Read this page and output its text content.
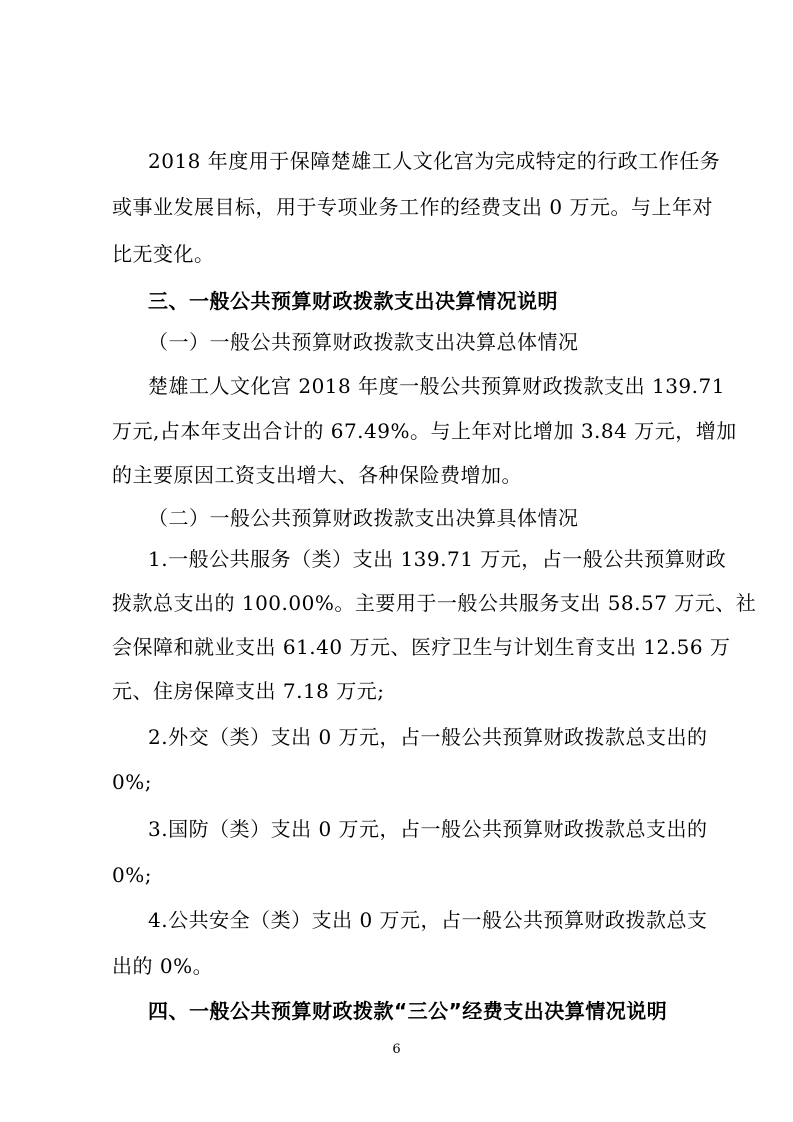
2018 年度用于保障楚雄工人文化宫为完成特定的行政工作任务
或事业发展目标，用于专项业务工作的经费支出 0 万元。与上年对
比无变化。
三、一般公共预算财政拨款支出决算情况说明
（一）一般公共预算财政拨款支出决算总体情况
楚雄工人文化宫 2018 年度一般公共预算财政拨款支出 139.71
万元,占本年支出合计的 67.49%。与上年对比增加 3.84 万元，增加
的主要原因工资支出增大、各种保险费增加。
（二）一般公共预算财政拨款支出决算具体情况
1.一般公共服务（类）支出 139.71 万元，占一般公共预算财政
拨款总支出的 100.00%。主要用于一般公共服务支出 58.57 万元、社
会保障和就业支出 61.40 万元、医疗卫生与计划生育支出 12.56 万
元、住房保障支出 7.18 万元;
2.外交（类）支出 0 万元，占一般公共预算财政拨款总支出的
0%;
3.国防（类）支出 0 万元，占一般公共预算财政拨款总支出的
0%;
4.公共安全（类）支出 0 万元，占一般公共预算财政拨款总支
出的 0%。
四、一般公共预算财政拨款“三公”经费支出决算情况说明
6
